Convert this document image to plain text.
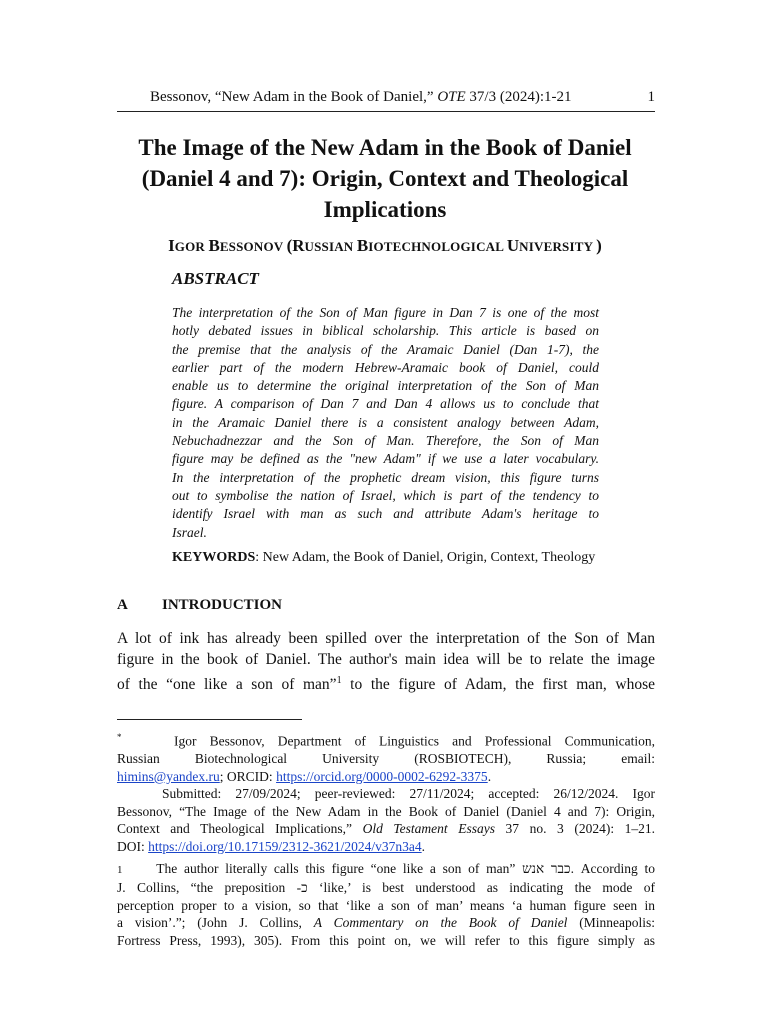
Bessonov, “New Adam in the Book of Daniel,” OTE 37/3 (2024):1-21	1
The Image of the New Adam in the Book of Daniel
(Daniel 4 and 7): Origin, Context and Theological
Implications
IGOR BESSONOV (RUSSIAN BIOTECHNOLOGICAL UNIVERSITY )
ABSTRACT
The interpretation of the Son of Man figure in Dan 7 is one of the most
hotly debated issues in biblical scholarship. This article is based on
the premise that the analysis of the Aramaic Daniel (Dan 1-7), the
earlier part of the modern Hebrew-Aramaic book of Daniel, could
enable us to determine the original interpretation of the Son of Man
figure. A comparison of Dan 7 and Dan 4 allows us to conclude that
in the Aramaic Daniel there is a consistent analogy between Adam,
Nebuchadnezzar and the Son of Man. Therefore, the Son of Man
figure may be defined as the "new Adam" if we use a later vocabulary.
In the interpretation of the prophetic dream vision, this figure turns
out to symbolise the nation of Israel, which is part of the tendency to
identify Israel with man as such and attribute Adam's heritage to
Israel.
KEYWORDS: New Adam, the Book of Daniel, Origin, Context, Theology
A INTRODUCTION
A lot of ink has already been spilled over the interpretation of the Son of Man
figure in the book of Daniel. The author's main idea will be to relate the image
of the “one like a son of man”$^1$ to the figure of Adam, the first man, whose
*	Igor Bessonov, Department of Linguistics and Professional Communication,
Russian Biotechnological University (ROSBIOTECH), Russia; email:
himins@yandex.ru; ORCID: https://orcid.org/0000-0002-6292-3375.
Submitted: 27/09/2024; peer-reviewed: 27/11/2024; accepted: 26/12/2024. Igor
Bessonov, “The Image of the New Adam in the Book of Daniel (Daniel 4 and 7): Origin,
Context and Theological Implications,” Old Testament Essays 37 no. 3 (2024): 1–21.
DOI: https://doi.org/10.17159/2312-3621/2024/v37n3a4.
1 The author literally calls this figure “one like a son of man” כבר אנש. According to
J. Collins, “the preposition -כ ‘like,’ is best understood as indicating the mode of
perception proper to a vision, so that ‘like a son of man’ means ‘a human figure seen in
a vision’.”; (John J. Collins, A Commentary on the Book of Daniel (Minneapolis:
Fortress Press, 1993), 305). From this point on, we will refer to this figure simply as
